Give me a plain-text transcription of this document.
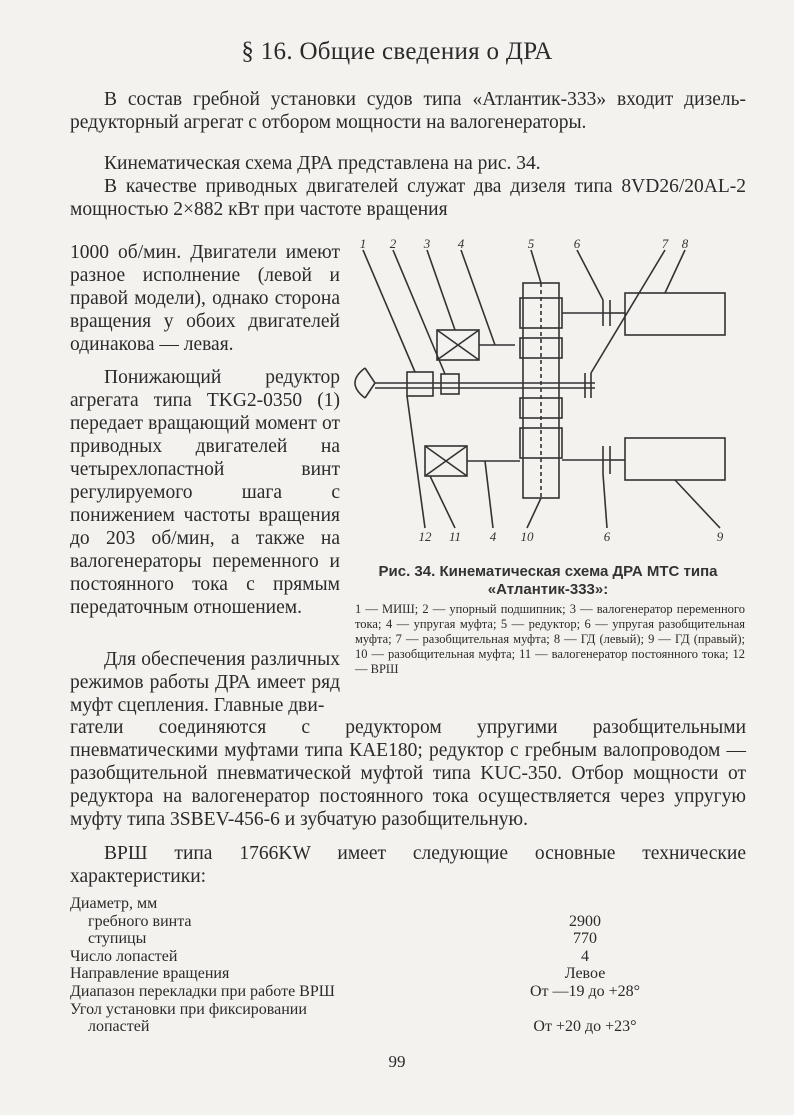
§ 16. Общие сведения о ДРА

В состав гребной установки судов типа «Атлантик-333» входит дизель-редукторный агрегат с отбором мощности на валогенераторы.

Кинематическая схема ДРА представлена на рис. 34.

В качестве приводных двигателей служат два дизеля типа 8VD26/20AL-2 мощностью 2×882 кВт при частоте вращения

1000 об/мин. Двигатели имеют разное исполнение (левой и правой модели), однако сторона вращения у обоих двигателей одинакова — левая.

Понижающий редуктор агрегата типа TKG2-0350 (1) передает вращающий момент от приводных двигателей на четырехлопастной винт регулируемого шага с понижением частоты вращения до 203 об/мин, а также на валогенераторы переменного и постоянного тока с прямым передаточным отношением.

Для обеспечения различных режимов работы ДРА имеет ряд муфт сцепления. Главные дви-

гатели соединяются с редуктором упругими разобщительными пневматическими муфтами типа КАЕ180; редуктор с гребным валопроводом — разобщительной пневматической муфтой типа KUC-350. Отбор мощности от редуктора на валогенератор постоянного тока осуществляется через упругую муфту типа 3SBEV-456-6 и зубчатую разобщительную.

1 2 3 4	5	6	7 8
12 11 4 10	6	9
Рис. 34. Кинематическая схема ДРА МТС типа «Атлантик-333»:
1 — МИШ; 2 — упорный подшипник; 3 — валогенератор переменного тока; 4 — упругая муфта; 5 — редуктор; 6 — упругая разобщительная муфта; 7 — разобщительная муфта; 8 — ГД (левый); 9 — ГД (правый); 10 — разобщительная муфта; 11 — валогенератор постоянного тока; 12 — ВРШ

ВРШ типа 1766KW имеет следующие основные технические характеристики:

Диаметр, мм
гребного винта	2900
ступицы	770
Число лопастей	4
Направление вращения	Левое
Диапазон перекладки при работе ВРШ	От —19 до +28°
Угол установки при фиксировании
лопастей	От +20 до +23°
99
